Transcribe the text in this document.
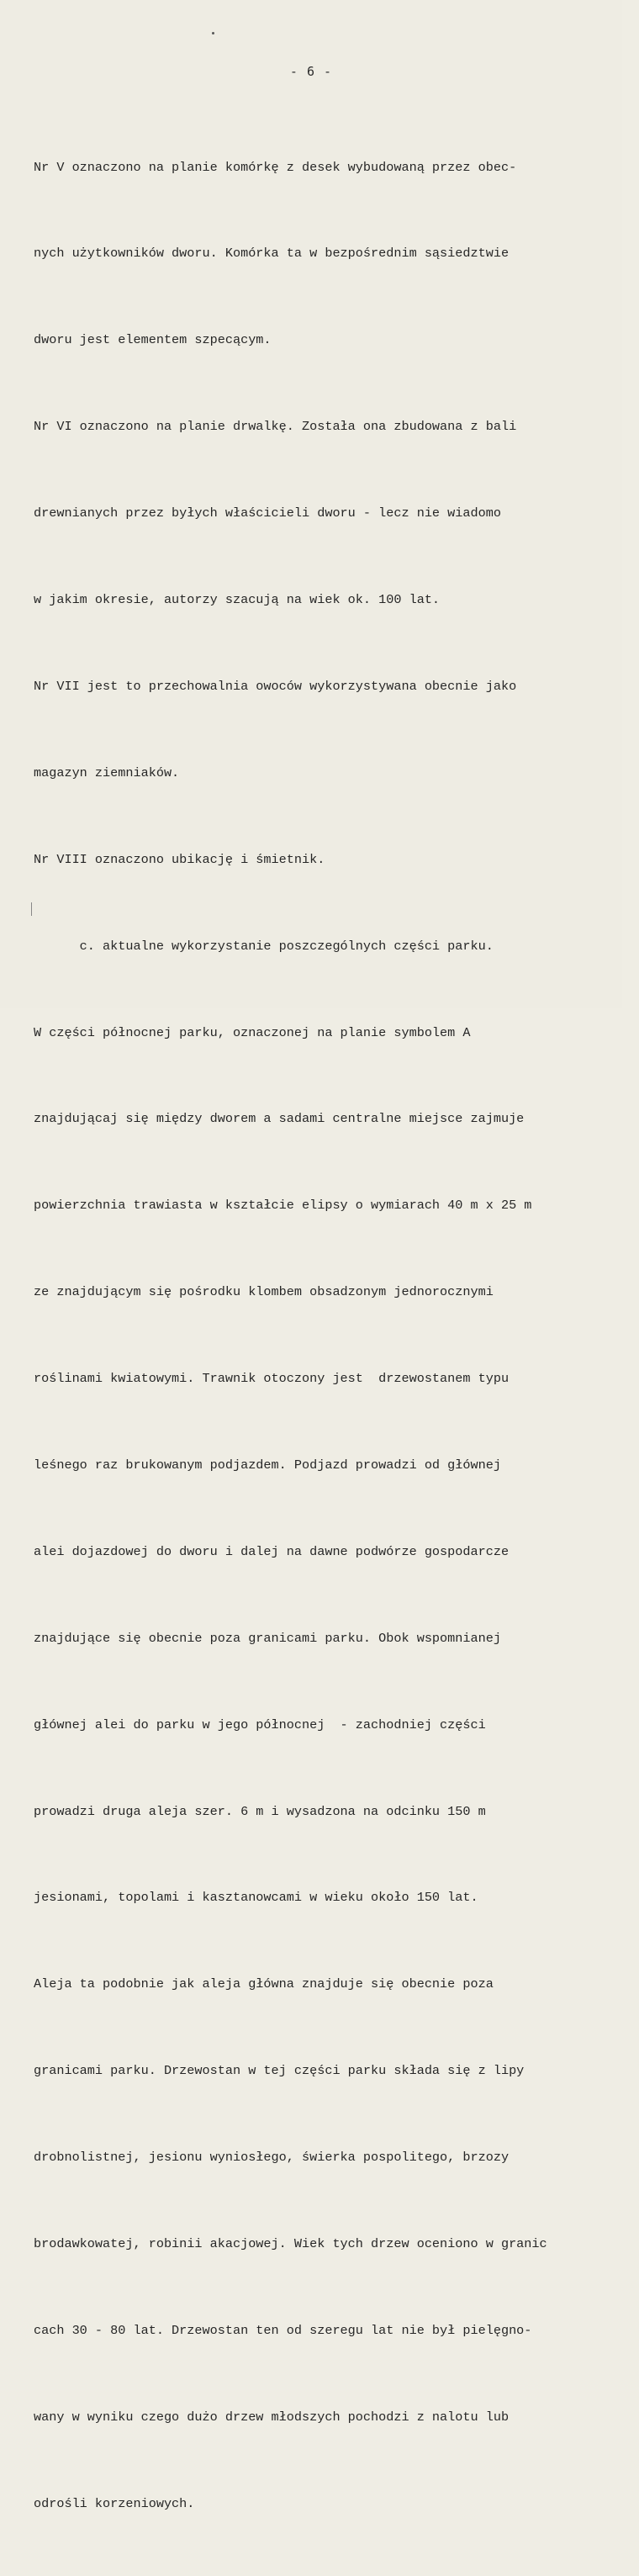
- 6 -

Nr V oznaczono na planie komórkę z desek wybudowaną przez obec-

nych użytkowników dworu. Komórka ta w bezpośrednim sąsiedztwie

dworu jest elementem szpecącym.

Nr VI oznaczono na planie drwalkę. Została ona zbudowana z bali

drewnianych przez byłych właścicieli dworu - lecz nie wiadomo

w jakim okresie, autorzy szacują na wiek ok. 100 lat.

Nr VII jest to przechowalnia owoców wykorzystywana obecnie jako

magazyn ziemniaków.

Nr VIII oznaczono ubikację i śmietnik.

c. aktualne wykorzystanie poszczególnych części parku.

W części północnej parku, oznaczonej na planie symbolem A

znajdującaj się między dworem a sadami centralne miejsce zajmuje

powierzchnia trawiasta w kształcie elipsy o wymiarach 40 m x 25 m

ze znajdującym się pośrodku klombem obsadzonym jednorocznymi

roślinami kwiatowymi. Trawnik otoczony jest  drzewostanem typu

leśnego raz brukowanym podjazdem. Podjazd prowadzi od głównej

alei dojazdowej do dworu i dalej na dawne podwórze gospodarcze

znajdujące się obecnie poza granicami parku. Obok wspomnianej

głównej alei do parku w jego północnej  - zachodniej części

prowadzi druga aleja szer. 6 m i wysadzona na odcinku 150 m

jesionami, topolami i kasztanowcami w wieku około 150 lat.

Aleja ta podobnie jak aleja główna znajduje się obecnie poza

granicami parku. Drzewostan w tej części parku składa się z lipy

drobnolistnej, jesionu wyniosłego, świerka pospolitego, brzozy

brodawkowatej, robinii akacjowej. Wiek tych drzew oceniono w granic

cach 30 - 80 lat. Drzewostan ten od szeregu lat nie był pielęgno-

wany w wyniku czego dużo drzew młodszych pochodzi z nalotu lub

odrośli korzeniowych.
